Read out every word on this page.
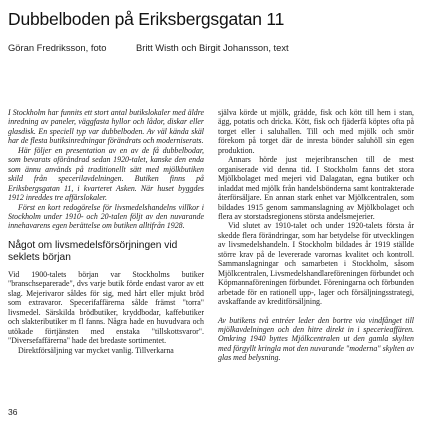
Dubbelboden på Eriksbergsgatan 11
Göran Fredriksson, foto	Britt Wisth och Birgit Johansson, text

I Stockholm har funnits ett stort antal butikslokaler med äldre inredning av paneler, väggfasta hyllor och lådor, diskar eller glasdisk. En speciell typ var dubbelboden. Av väl kända skäl har de flesta butiksinredningar förändrats och moderniserats.

Här följer en presentation av en av de få dubbelbodar, som bevarats oförändrad sedan 1920-talet, kanske den enda som ännu används på traditionellt sätt med mjölkbutiken skild från specerilavdelningen. Butiken finns på Eriksbergsgatan 11, i kvarteret Asken. När huset byggdes 1912 inreddes tre affärslokaler.

Först en kort redogörelse för livsmedelshandelns villkor i Stockholm under 1910- och 20-talen följt av den nuvarande innehavarens egen berättelse om butiken alltifrån 1928.

Något om livsmedelsförsörjningen vid seklets början

Vid 1900-talets början var Stockholms butiker "branschseparerade", dvs varje butik förde endast varor av ett slag. Mejerivaror såldes för sig, med hårt eller mjukt bröd som extravaror. Specerifaffärerna sålde främst "torra" livsmedel. Särskilda brödbutiker, kryddbodar, kaffebutiker och slakteributiker m fl fanns. Några hade en huvudvara och utökade förtjänsten med enstaka "tillskottsvaror". "Diversefaffärerna" hade det bredaste sortimentet.

Direktförsäljning var mycket vanlig. Tillverkarna

själva körde ut mjölk, grädde, fisk och kött till hem i stan, ägg, potatis och dricka. Kött, fisk och fjäderfä köptes ofta på torget eller i saluhallen. Till och med mjölk och smör förekom på torget där de inresta bönder saluhöll sin egen produktion.

Annars hörde just mejeribranschen till de mest organiserade vid denna tid. I Stockholm fanns det stora Mjölkbolaget med mejeri vid Dalagatan, egna butiker och inladdat med mjölk från handelsbönderna samt kontrakterade återförsäljare. En annan stark enhet var Mjölkcentralen, som bildades 1915 genom sammanslagning av Mjölkbolaget och flera av storstadsregionens största andelsmejerier.

Vid slutet av 1910-talet och under 1920-talets första år skedde flera förändringar, som har betydelse för utvecklingen av livsmedelshandeln. I Stockholm bildades år 1919 ställde större krav på de levererade varornas kvalitet och kontroll. Sammanslagningar och samarbeten i Stockholm, såsom Mjölkcentralen, Livsmedelshandlareföreningen förbundet och Köpmannaföreningen förbundet. Föreningarna och förbunden arbetade för en rationell upp-, lager och försäljningsstrategi, avskaffande av kreditförsäljning.

Av butikens två entréer leder den bortre via vindfånget till mjölkavdelningen och den hitre direkt in i specerieaffären. Omkring 1940 byttes Mjölkcentralen ut den gamla skylten med förgyllt kringla mot den nuvarande "moderna" skylten av glas med belysning.

36
